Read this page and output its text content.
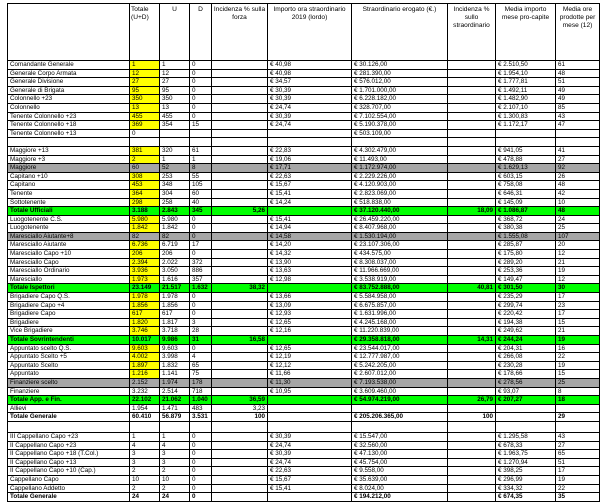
	Totale (U+D)	U	D	Incidenza % sulla forza	Importo ora straordinario 2019 (lordo)	Straordinario erogato (€.)	Incidenza % sullo straordinario	Media importo mese pro-capite	Media ore prodotte per mese (12)
Comandante Generale	1	1	0		€ 40,98	€ 30.126,00		€ 2.510,50	61
Generale Corpo Armata	12	12	0		€ 40,98	€ 281.390,00		€ 1.954,10	48
Generale Divisione	27	27	0		€ 34,57	€ 576.012,00		€ 1.777,81	51
Generale di Brigata	95	95	0		€ 30,39	€ 1.701.000,00		€ 1.492,11	49
Colonnello +23	350	350	0		€ 30,39	€ 6.228.182,00		€ 1.482,90	49
Colonnello	13	13	0		€ 24,74	€ 328.707,00		€ 2.107,10	85
Tenente Colonnello +23	455	455	0		€ 30,39	€ 7.102.554,00		€ 1.300,83	43
Tenente Colonnello +18	369	354	15		€ 24,74	€ 5.190.378,00		€ 1.172,17	47
Tenente Colonnello +13	0					€ 503.109,00			

Maggiore +13	381	320	61		€ 22,83	€ 4.302.479,00		€ 941,05	41
Maggiore +3	2	1	1		€ 19,06	€ 11.493,00		€ 478,88	27
Maggiore	60	52	8		€ 17,71	€ 1.172.974,00		€ 1.629,13	92
Capitano +10	308	253	55		€ 22,63	€ 2.229.226,00		€ 603,15	26
Capitano	453	348	105		€ 15,67	€ 4.120.903,00		€ 758,08	48
Tenente	364	304	60		€ 15,41	€ 2.823.069,00		€ 646,31	42
Sottotenente	298	258	40		€ 14,24	€ 518.838,00		€ 145,09	10
Totale Ufficiali	3.188	2.843	345	5,26		€ 37.120.440,00	18,09	€ 1.086,87	48
Luogotenente C.S.	5.980	5.980	0		€ 15,41	€ 26.459.220,00		€ 368,72	24
Luogotenente	1.842	1.842	0		€ 14,94	€ 8.407.968,00		€ 380,38	25
Maresciallo Aiutante+8	82	82	0		€ 14,58	€ 1.530.194,00		€ 1.555,08	107
Maresciallo Aiutante	6.736	6.719	17		€ 14,20	€ 23.107.306,00		€ 285,87	20
Maresciallo Capo +10	206	206	0		€ 14,32	€ 434.575,00		€ 175,80	12
Maresciallo Capo	2.394	2.022	372		€ 13,90	€ 8.308.037,00		€ 289,20	21
Maresciallo Ordinario	3.936	3.050	886		€ 13,63	€ 11.966.669,00		€ 253,36	19
Maresciallo	1.973	1.616	357		€ 12,98	€ 3.538.919,00		€ 149,47	12
Totale Ispettori	23.149	21.517	1.632	38,32		€ 83.752.888,00	40,81	€ 301,50	30
Brigadiere Capo Q.S.	1.978	1.978	0		€ 13,66	€ 5.584.958,00		€ 235,29	17
Brigadiere Capo +4	1.856	1.856	0		€ 13,09	€ 6.675.857,00		€ 299,74	23
Brigadiere Capo	617	617	0		€ 12,93	€ 1.631.996,00		€ 220,42	17
Brigadiere	1.820	1.817	3		€ 12,65	€ 4.245.168,00		€ 194,38	15
Vice Brigadiere	3.746	3.718	28		€ 12,16	€ 11.220.839,00		€ 249,62	21
Totale Sovrintendenti	10.017	9.986	31	16,58		€ 29.358.818,00	14,31	€ 244,24	19
Appuntato scelto Q.S.	9.603	9.603	0		€ 12,65	€ 23.544.017,00		€ 204,31	16
Appuntato Scelto +5	4.002	3.998	4		€ 12,19	€ 12.777.987,00		€ 266,08	22
Appuntato Scelto	1.897	1.832	65		€ 12,12	€ 5.242.205,00		€ 230,28	19
Appuntato	1.216	1.141	75		€ 11,66	€ 2.607.012,00		€ 178,66	15
Finanziere scelto	2.152	1.974	178		€ 11,30	€ 7.193.538,00		€ 278,56	25
Finanziere	3.232	2.514	718		€ 10,95	€ 3.609.460,00		€ 93,07	8
Totale App. e Fin.	22.102	21.062	1.040	36,59		€ 54.974.219,00	26,79	€ 207,27	18
Allievi	1.954	1.471	483	3,23					
Totale Generale	60.410	56.879	3.531	100		€ 205.206.365,00	100		29

III Cappellano Capo +23	1	1	0		€ 30,39	€ 15.547,00		€ 1.295,58	43
II Cappellano Capo +23	4	4	0		€ 24,74	€ 32.560,00		€ 678,33	27
II Cappellano Capo +18 (T.Col.)	3	3	0		€ 30,39	€ 47.130,00		€ 1.963,75	65
II Cappellano Capo +13	3	3	0		€ 24,74	€ 45.754,00		€ 1.270,94	51
II Cappellano Capo +10 (Cap.)	2	2	0		€ 22,63	€ 9.558,00		€ 398,25	17
Cappellano Capo	10	10	0		€ 15,67	€ 35.639,00		€ 296,99	19
Cappellano Addetto	2	2	0		€ 15,41	€ 8.024,00		€ 334,32	22
Totale Generale	24	24	0			€ 194.212,00		€ 674,35	35
